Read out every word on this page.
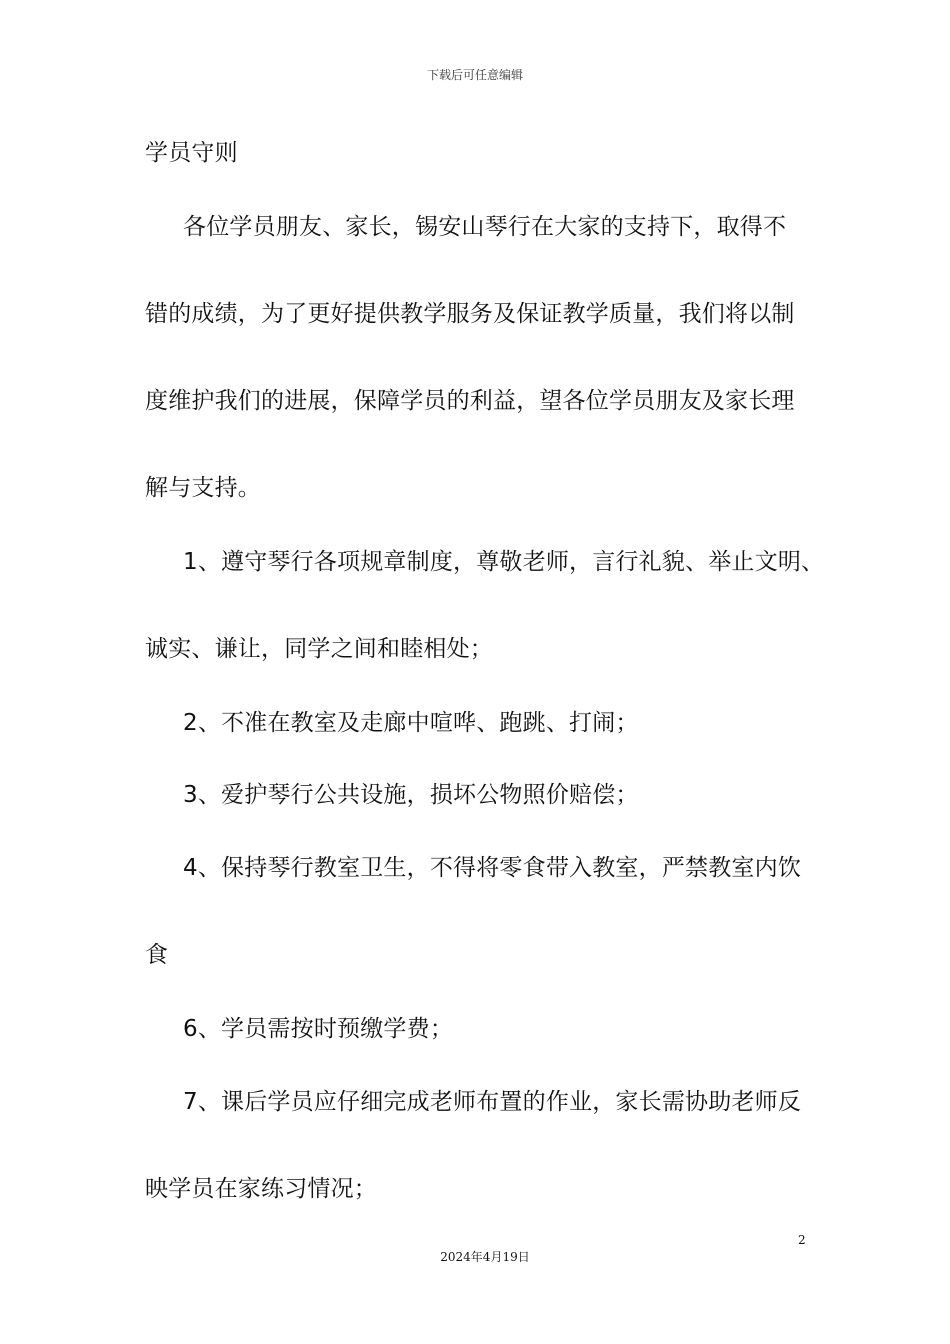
下载后可任意编辑
学员守则
各位学员朋友、家长，锡安山琴行在大家的支持下，取得不
错的成绩，为了更好提供教学服务及保证教学质量，我们将以制
度维护我们的进展，保障学员的利益，望各位学员朋友及家长理
解与支持。
1、遵守琴行各项规章制度，尊敬老师，言行礼貌、举止文明、
诚实、谦让，同学之间和睦相处；
2、不准在教室及走廊中喧哗、跑跳、打闹；
3、爱护琴行公共设施，损坏公物照价赔偿；
4、保持琴行教室卫生，不得将零食带入教室，严禁教室内饮
食
6、学员需按时预缴学费；
7、课后学员应仔细完成老师布置的作业，家长需协助老师反
映学员在家练习情况；
2
2024年4月19日
